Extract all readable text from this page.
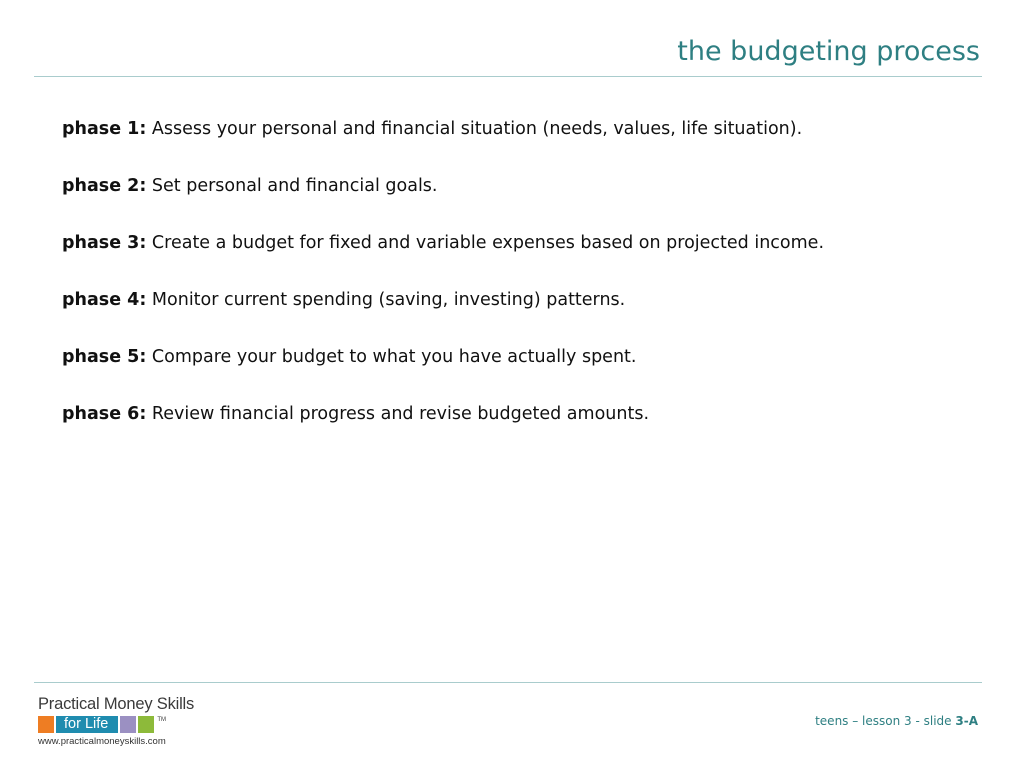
the budgeting process
phase 1: Assess your personal and financial situation (needs, values, life situation).
phase 2: Set personal and financial goals.
phase 3: Create a budget for fixed and variable expenses based on projected income.
phase 4: Monitor current spending (saving, investing) patterns.
phase 5: Compare your budget to what you have actually spent.
phase 6: Review financial progress and revise budgeted amounts.
Practical Money Skills
for Life	TM
www.practicalmoneyskills.com
teens – lesson 3 - slide 3-A
